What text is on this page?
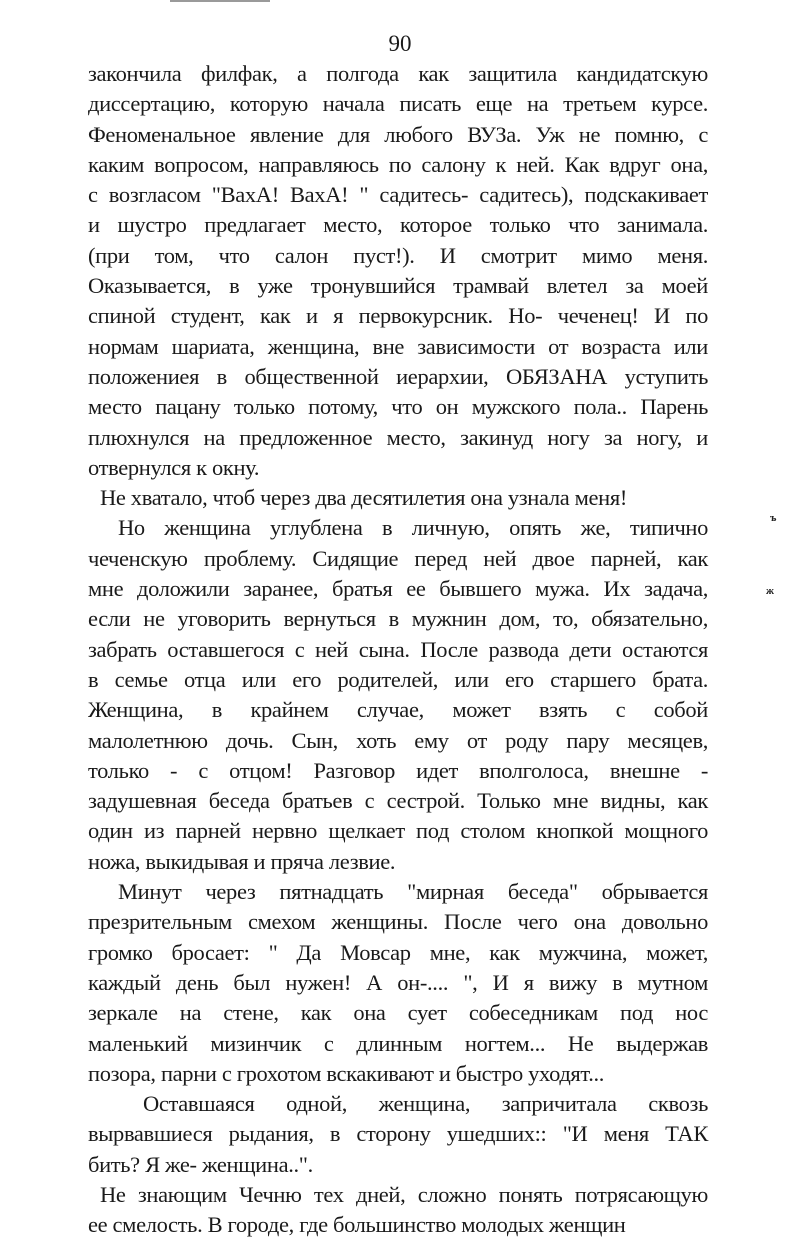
90
закончила филфак, а полгода как защитила кандидатскую
диссертацию, которую начала писать еще на третьем курсе.
Феноменальное явление для любого ВУЗа. Уж не помню, с
каким вопросом, направляюсь по салону к ней. Как вдруг она,
с возгласом "ВахА! ВахА! " садитесь- садитесь), подскакивает
и шустро предлагает место, которое только что занимала.
(при том, что салон пуст!). И смотрит мимо меня.
Оказывается, в уже тронувшийся трамвай влетел за моей
спиной студент, как и я первокурсник. Но- чеченец! И по
нормам шариата, женщина, вне зависимости от возраста или
положениея в общественной иерархии, ОБЯЗАНА уступить
место пацану только потому, что он мужского пола.. Парень
плюхнулся на предложенное место, закинуд ногу за ногу, и
отвернулся к окну.
Не хватало, чтоб через два десятилетия она узнала меня!
Но женщина углублена в личную, опять же, типично
чеченскую проблему. Сидящие перед ней двое парней, как
мне доложили заранее, братья ее бывшего мужа. Их задача,
если не уговорить вернуться в мужнин дом, то, обязательно,
забрать оставшегося с ней сына. После развода дети остаются
в семье отца или его родителей, или его старшего брата.
Женщина, в крайнем случае, может взять с собой
малолетнюю дочь. Сын, хоть ему от роду пару месяцев,
только - с отцом! Разговор идет вполголоса, внешне -
задушевная беседа братьев с сестрой. Только мне видны, как
один из парней нервно щелкает под столом кнопкой мощного
ножа, выкидывая и пряча лезвие.
Минут через пятнадцать "мирная беседа" обрывается
презрительным смехом женщины. После чего она довольно
громко бросает: " Да Мовсар мне, как мужчина, может,
каждый день был нужен! А он-.... ", И я вижу в мутном
зеркале на стене, как она сует собеседникам под нос
маленький мизинчик с длинным ногтем... Не выдержав
позора, парни с грохотом вскакивают и быстро уходят...
Оставшаяся одной, женщина, запричитала сквозь
вырвавшиеся рыдания, в сторону ушедших:: "И меня ТАК
бить? Я же- женщина..".
Не знающим Чечню тех дней, сложно понять потрясающую
ее смелость. В городе, где большинство молодых женщин
ъ
ж
